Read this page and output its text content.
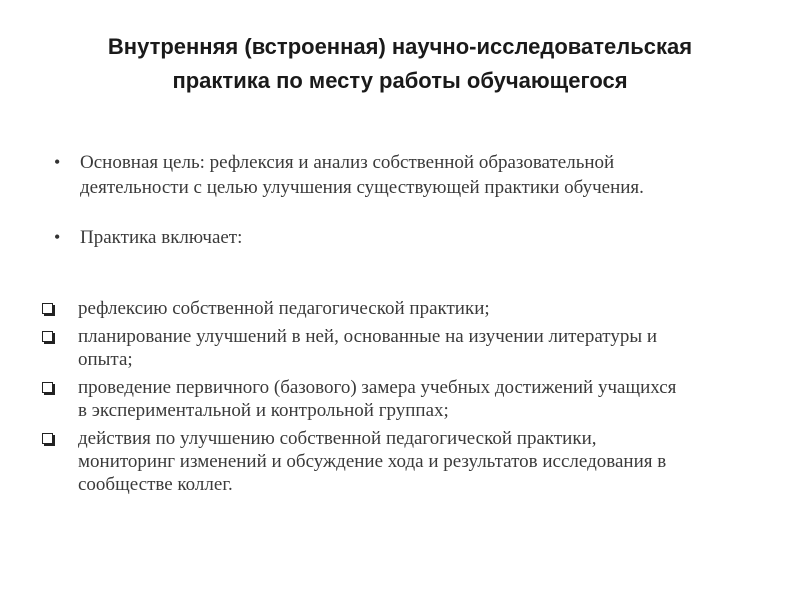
Внутренняя (встроенная) научно-исследовательская
практика по месту работы обучающегося
• Основная цель: рефлексия и анализ собственной образовательной
деятельности с целью улучшения существующей практики обучения.
• Практика включает:
рефлексию собственной педагогической практики;
планирование улучшений в ней, основанные на изучении литературы и
опыта;
проведение первичного (базового) замера учебных достижений учащихся
в экспериментальной и контрольной группах;
действия по улучшению собственной педагогической практики,
мониторинг изменений и обсуждение хода и результатов исследования в
сообществе коллег.
